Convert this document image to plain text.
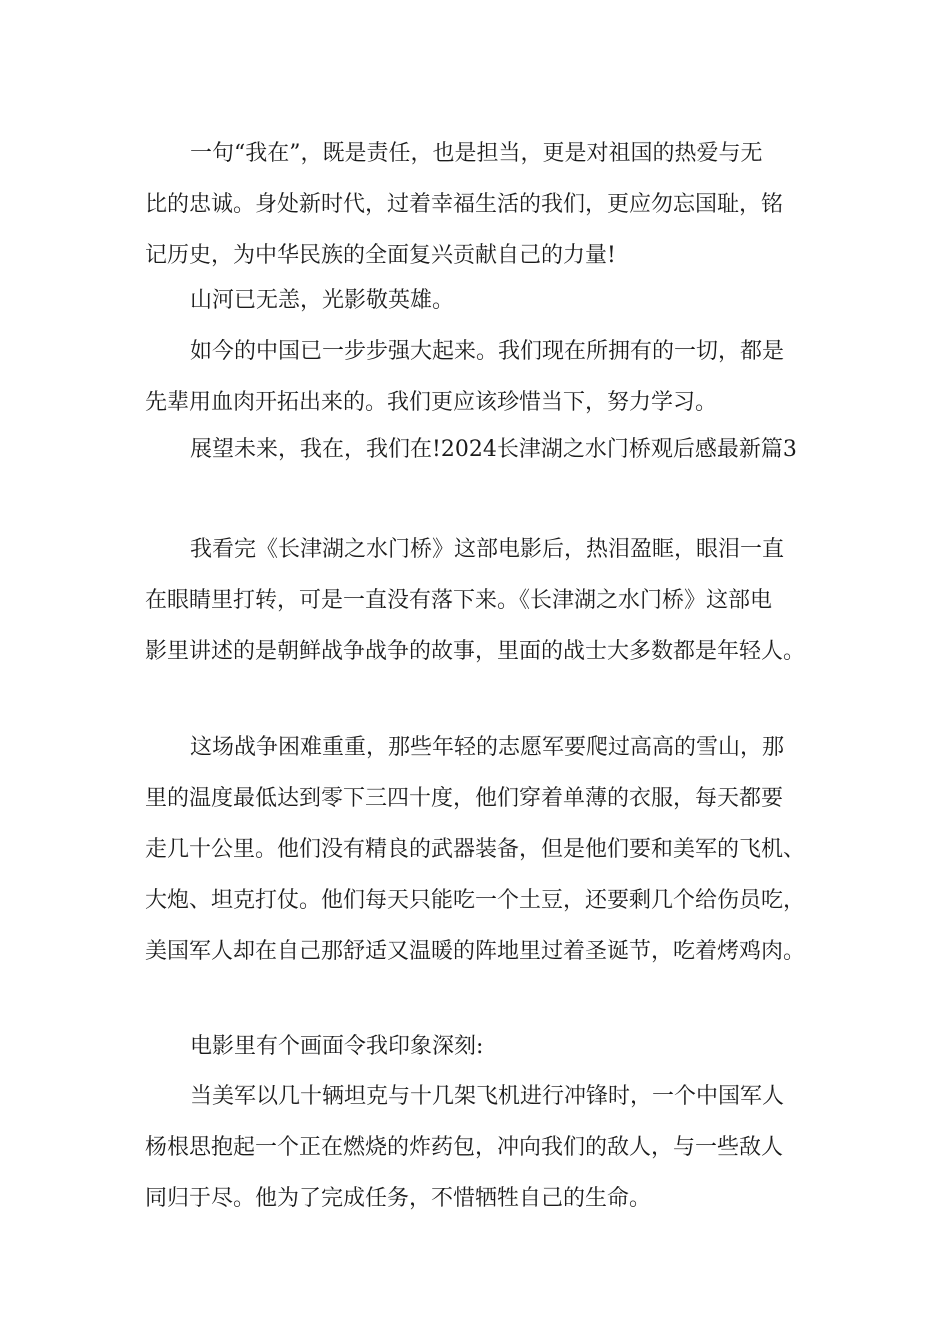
一句“我在”，既是责任，也是担当，更是对祖国的热爱与无
比的忠诚。身处新时代，过着幸福生活的我们，更应勿忘国耻，铭
记历史，为中华民族的全面复兴贡献自己的力量!
山河已无恙，光影敬英雄。
如今的中国已一步步强大起来。我们现在所拥有的一切，都是
先辈用血肉开拓出来的。我们更应该珍惜当下，努力学习。
展望未来，我在，我们在!2024长津湖之水门桥观后感最新篇3
我看完《长津湖之水门桥》这部电影后，热泪盈眶，眼泪一直
在眼睛里打转，可是一直没有落下来。《长津湖之水门桥》这部电
影里讲述的是朝鲜战争战争的故事，里面的战士大多数都是年轻人。
这场战争困难重重，那些年轻的志愿军要爬过高高的雪山，那
里的温度最低达到零下三四十度，他们穿着单薄的衣服，每天都要
走几十公里。他们没有精良的武器装备，但是他们要和美军的飞机、
大炮、坦克打仗。他们每天只能吃一个土豆，还要剩几个给伤员吃，
美国军人却在自己那舒适又温暖的阵地里过着圣诞节，吃着烤鸡肉。
电影里有个画面令我印象深刻:
当美军以几十辆坦克与十几架飞机进行冲锋时，一个中国军人
杨根思抱起一个正在燃烧的炸药包，冲向我们的敌人，与一些敌人
同归于尽。他为了完成任务，不惜牺牲自己的生命。
